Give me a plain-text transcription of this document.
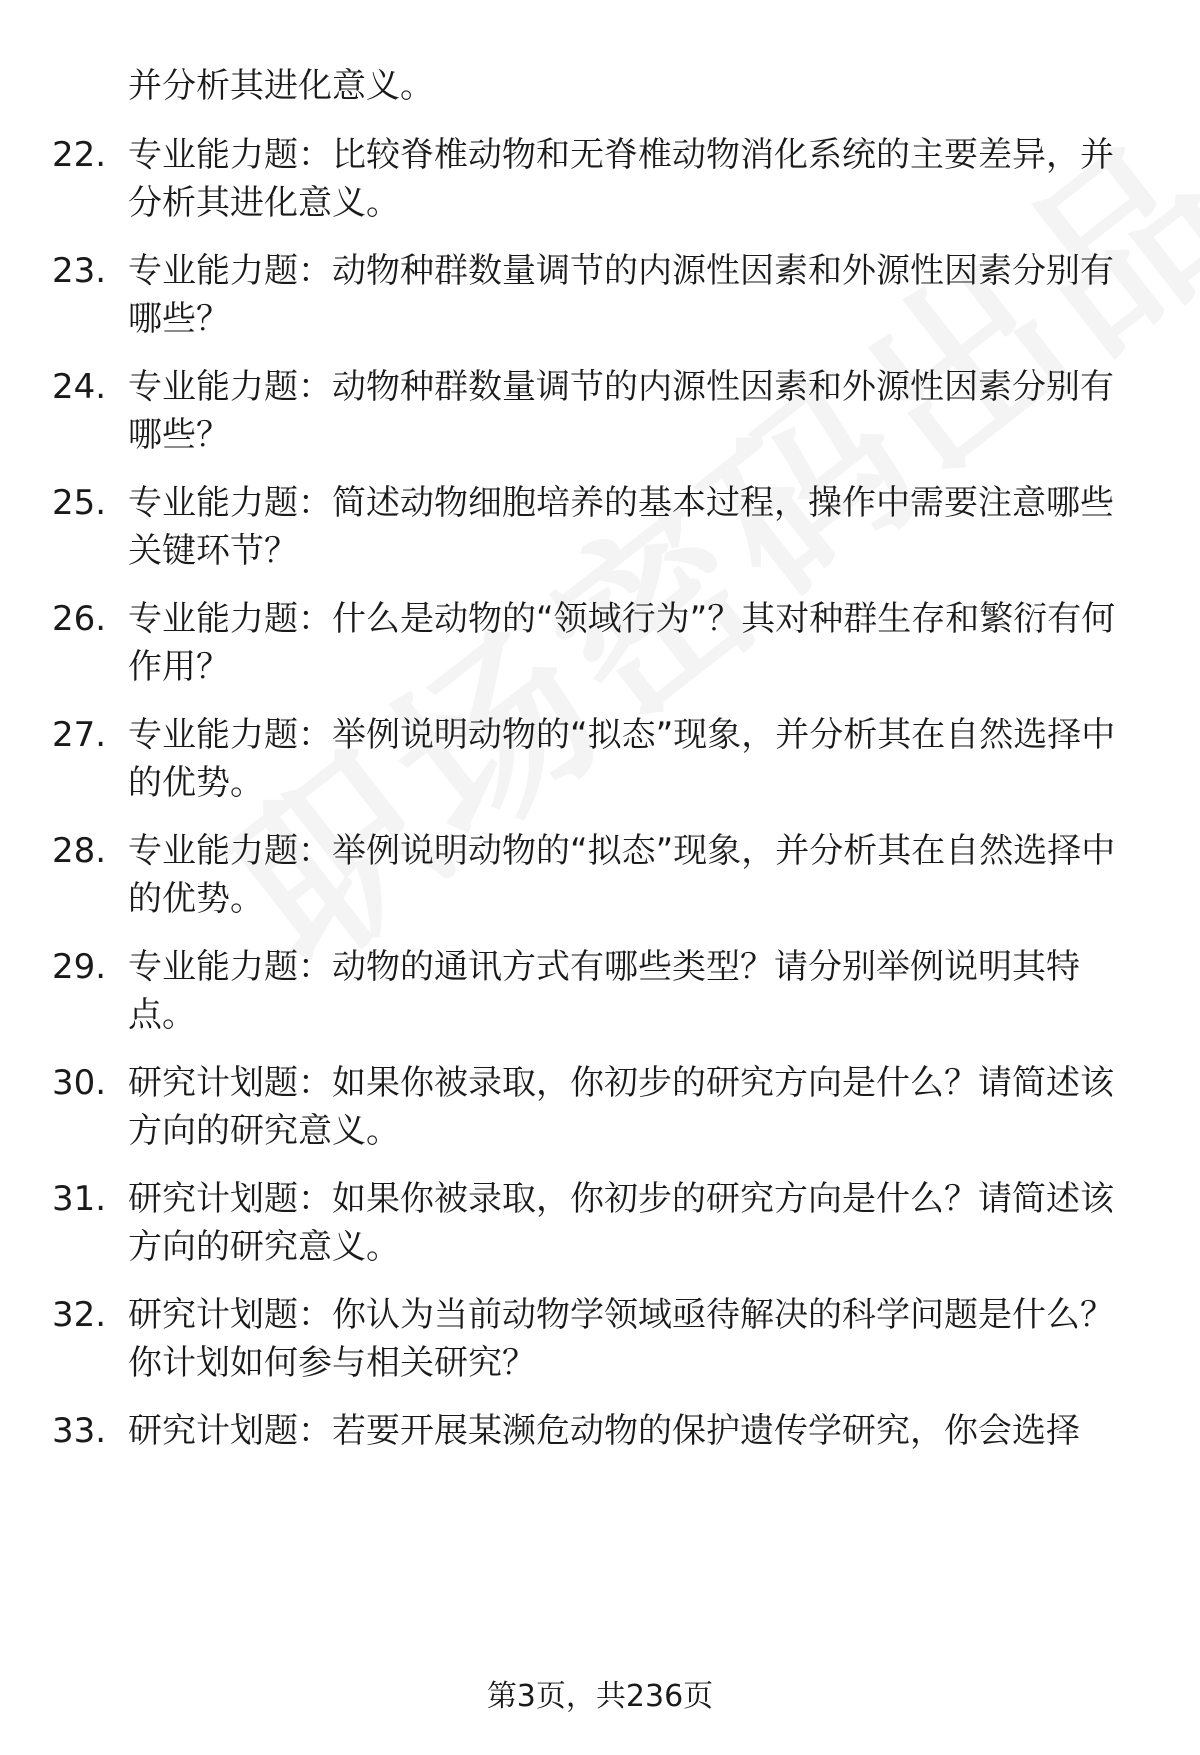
并分析其进化意义。
22. 专业能力题：比较脊椎动物和无脊椎动物消化系统的主要差异，并分析其进化意义。
23. 专业能力题：动物种群数量调节的内源性因素和外源性因素分别有哪些？
24. 专业能力题：动物种群数量调节的内源性因素和外源性因素分别有哪些？
25. 专业能力题：简述动物细胞培养的基本过程，操作中需要注意哪些关键环节？
26. 专业能力题：什么是动物的“领域行为”？其对种群生存和繁衍有何作用？
27. 专业能力题：举例说明动物的“拟态”现象，并分析其在自然选择中的优势。
28. 专业能力题：举例说明动物的“拟态”现象，并分析其在自然选择中的优势。
29. 专业能力题：动物的通讯方式有哪些类型？请分别举例说明其特点。
30. 研究计划题：如果你被录取，你初步的研究方向是什么？请简述该方向的研究意义。
31. 研究计划题：如果你被录取，你初步的研究方向是什么？请简述该方向的研究意义。
32. 研究计划题：你认为当前动物学领域亟待解决的科学问题是什么？你计划如何参与相关研究？
33. 研究计划题：若要开展某濒危动物的保护遗传学研究，你会选择
第3页，共236页
